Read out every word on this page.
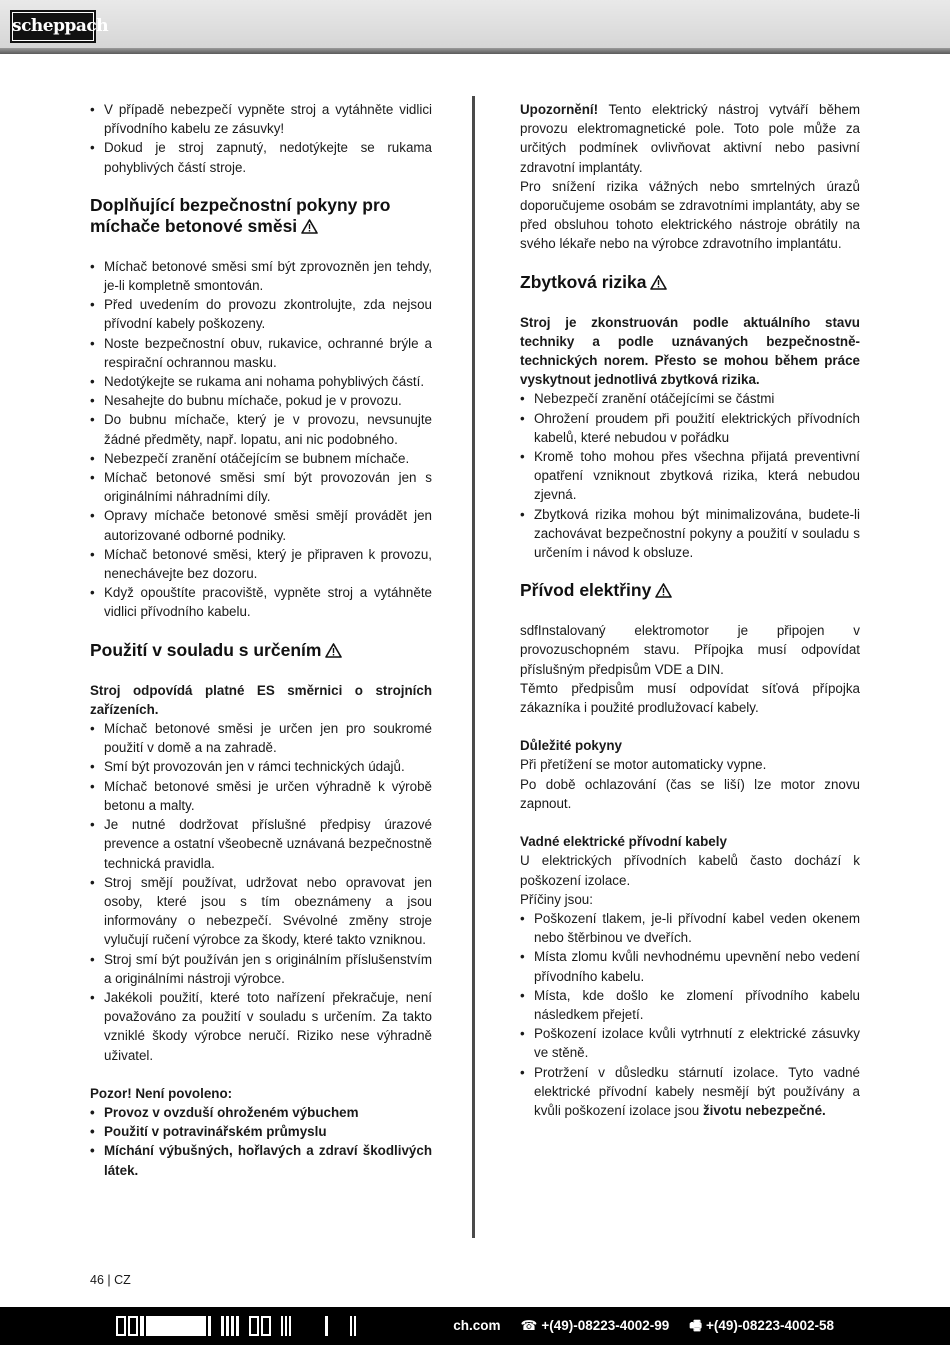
scheppach
• V případě nebezpečí vypněte stroj a vytáhněte vidlici přívodního kabelu ze zásuvky!
• Dokud je stroj zapnutý, nedotýkejte se rukama pohyblivých částí stroje.
Doplňující bezpečnostní pokyny pro míchače betonové směsi
• Míchač betonové směsi smí být zprovozněn jen tehdy, je-li kompletně smontován.
• Před uvedením do provozu zkontrolujte, zda nejsou přívodní kabely poškozeny.
• Noste bezpečnostní obuv, rukavice, ochranné brýle a respirační ochrannou masku.
• Nedotýkejte se rukama ani nohama pohyblivých částí.
• Nesahejte do bubnu míchače, pokud je v provozu.
• Do bubnu míchače, který je v provozu, nevsunujte žádné předměty, např. lopatu, ani nic podobného.
• Nebezpečí zranění otáčejícím se bubnem míchače.
• Míchač betonové směsi smí být provozován jen s originálními náhradními díly.
• Opravy míchače betonové směsi smějí provádět jen autorizované odborné podniky.
• Míchač betonové směsi, který je připraven k provozu, nenechávejte bez dozoru.
• Když opouštíte pracoviště, vypněte stroj a vytáhněte vidlici přívodního kabelu.
Použití v souladu s určením

Stroj odpovídá platné ES směrnici o strojních zařízeních.

• Míchač betonové směsi je určen jen pro soukromé použití v domě a na zahradě.
• Smí být provozován jen v rámci technických údajů.
• Míchač betonové směsi je určen výhradně k výrobě betonu a malty.
• Je nutné dodržovat příslušné předpisy úrazové prevence a ostatní všeobecně uznávaná bezpečnostně technická pravidla.
• Stroj smějí používat, udržovat nebo opravovat jen osoby, které jsou s tím obeznámeny a jsou informovány o nebezpečí. Svévolné změny stroje vylučují ručení výrobce za škody, které takto vzniknou.
• Stroj smí být používán jen s originálním příslušenstvím a originálními nástroji výrobce.
• Jakékoli použití, které toto nařízení překračuje, není považováno za použití v souladu s určením. Za takto vzniklé škody výrobce neručí. Riziko nese výhradně uživatel.

Pozor! Není povoleno:

• Provoz v ovzduší ohroženém výbuchem
• Použití v potravinářském průmyslu
• Míchání výbušných, hořlavých a zdraví škodlivých látek.

Upozornění! Tento elektrický nástroj vytváří během provozu elektromagnetické pole. Toto pole může za určitých podmínek ovlivňovat aktivní nebo pasivní zdravotní implantáty.

Pro snížení rizika vážných nebo smrtelných úrazů doporučujeme osobám se zdravotními implantáty, aby se před obsluhou tohoto elektrického nástroje obrátily na svého lékaře nebo na výrobce zdravotního implantátu.

Zbytková rizika

Stroj je zkonstruován podle aktuálního stavu techniky a podle uznávaných bezpečnostně-technických norem. Přesto se mohou během práce vyskytnout jednotlivá zbytková rizika.

• Nebezpečí zranění otáčejícími se částmi
• Ohrožení proudem při použití elektrických přívodních kabelů, které nebudou v pořádku
• Kromě toho mohou přes všechna přijatá preventivní opatření vzniknout zbytková rizika, která nebudou zjevná.
• Zbytková rizika mohou být minimalizována, budete-li zachovávat bezpečnostní pokyny a použití v souladu s určením i návod k obsluze.
Přívod elektřiny

sdfInstalovaný elektromotor je připojen v provozuschopném stavu. Přípojka musí odpovídat příslušným předpisům VDE a DIN.

Těmto předpisům musí odpovídat síťová přípojka zákazníka i použité prodlužovací kabely.

Důležité pokyny

Při přetížení se motor automaticky vypne.

Po době ochlazování (čas se liší) lze motor znovu zapnout.

Vadné elektrické přívodní kabely

U elektrických přívodních kabelů často dochází k poškození izolace.

Příčiny jsou:

• Poškození tlakem, je-li přívodní kabel veden okenem nebo štěrbinou ve dveřích.
• Místa zlomu kvůli nevhodnému upevnění nebo vedení přívodního kabelu.
• Místa, kde došlo ke zlomení přívodního kabelu následkem přejetí.
• Poškození izolace kvůli vytrhnutí z elektrické zásuvky ve stěně.
• Protržení v důsledku stárnutí izolace. Tyto vadné elektrické přívodní kabely nesmějí být používány a kvůli poškození izolace jsou životu nebezpečné.
46 | CZ
ch.com ☎ +(49)-08223-4002-99 🖷 +(49)-08223-4002-58
